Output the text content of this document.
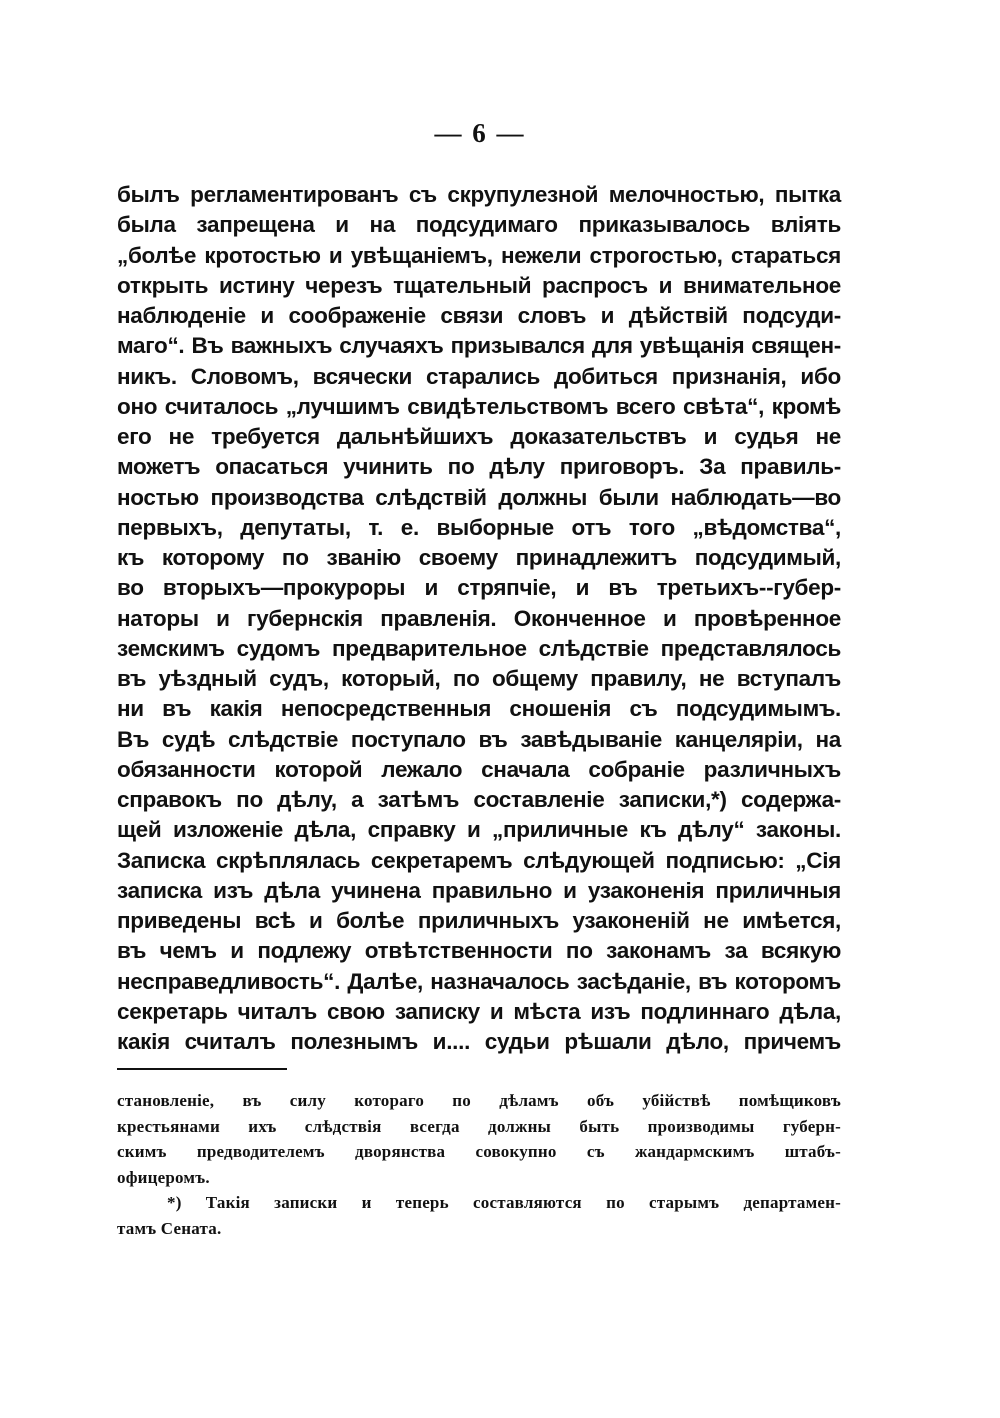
— 6 —
былъ регламентированъ съ скрупулезной мелочностью, пытка
была запрещена и на подсудимаго приказывалось влiять
„болѣе кротостью и увѣщанiемъ, нежели строгостью, стараться
открыть истину черезъ тщательный распросъ и внимательное
наблюденiе и соображенiе связи словъ и дѣйствiй подсуди-
маго“. Въ важныхъ случаяхъ призывался для увѣщанiя священ-
никъ. Словомъ, всячески старались добиться признанiя, ибо
оно считалось „лучшимъ свидѣтельствомъ всего свѣта“, кромѣ
его не требуется дальнѣйшихъ доказательствъ и судья не
можетъ опасаться учинить по дѣлу приговоръ. За правиль-
ностью производства слѣдствiй должны были наблюдать—во
первыхъ, депутаты, т. е. выборные отъ того „вѣдомства“,
къ которому по званiю своему принадлежитъ подсудимый,
во вторыхъ—прокуроры и стряпчiе, и въ третьихъ--губер-
наторы и губернскiя правленiя. Оконченное и провѣренное
земскимъ судомъ предварительное слѣдствiе представлялось
въ уѣздный судъ, который, по общему правилу, не вступалъ
ни въ какiя непосредственныя сношенiя съ подсудимымъ.
Въ судѣ слѣдствiе поступало въ завѣдыванiе канцелярiи, на
обязанности которой лежало сначала собранiе различныхъ
справокъ по дѣлу, а затѣмъ составленiе записки,*) содержа-
щей изложенiе дѣла, справку и „приличные къ дѣлу“ законы.
Записка скрѣплялась секретаремъ слѣдующей подписью: „Сiя
записка изъ дѣла учинена правильно и узаконенiя приличныя
приведены всѣ и болѣе приличныхъ узаконенiй не имѣется,
въ чемъ и подлежу отвѣтственности по законамъ за всякую
несправедливость“. Далѣе, назначалось засѣданiе, въ которомъ
секретарь читалъ свою записку и мѣста изъ подлиннаго дѣла,
какiя считалъ полезнымъ и.... судьи рѣшали дѣло, причемъ
становленiе, въ силу котораго по дѣламъ объ убiйствѣ помѣщиковъ
крестьянами ихъ слѣдствiя всегда должны быть производимы губерн-
скимъ предводителемъ дворянства совокупно съ жандармскимъ штабъ-
офицеромъ.
*) Такiя записки и теперь составляются по старымъ департамен-
тамъ Сената.
